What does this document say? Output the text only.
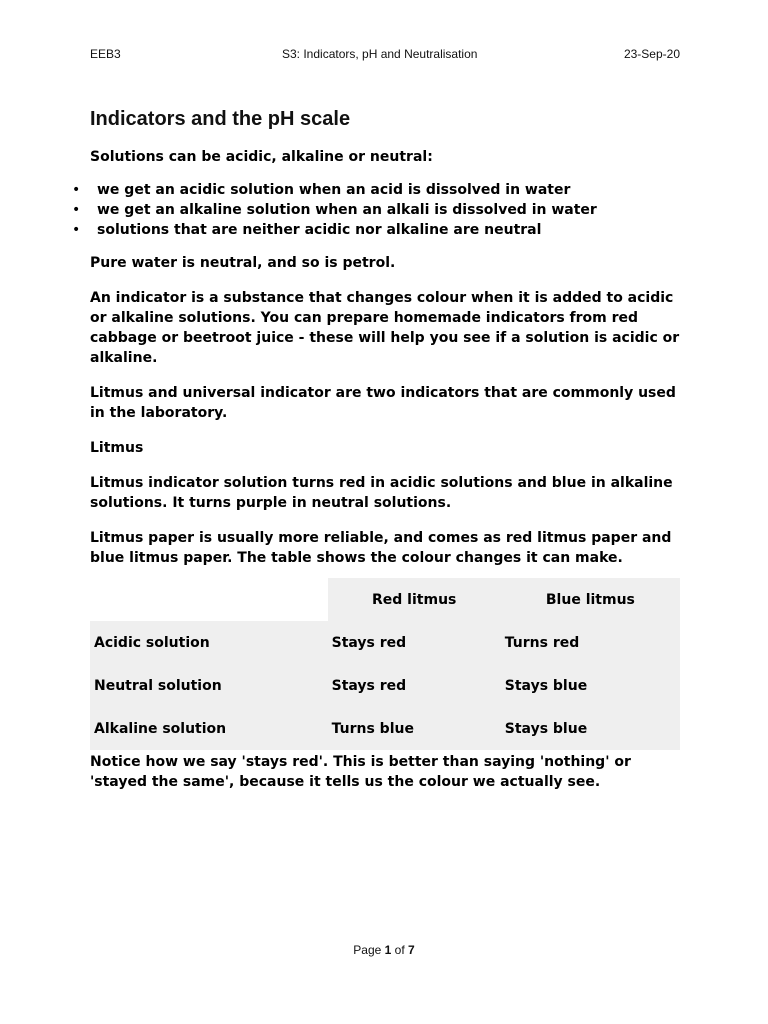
EEB3	S3: Indicators, pH and Neutralisation	23-Sep-20
Indicators and the pH scale

Solutions can be acidic, alkaline or neutral:

• we get an acidic solution when an acid is dissolved in water
• we get an alkaline solution when an alkali is dissolved in water
• solutions that are neither acidic nor alkaline are neutral

Pure water is neutral, and so is petrol.

An indicator is a substance that changes colour when it is added to acidic or alkaline solutions. You can prepare homemade indicators from red cabbage or beetroot juice - these will help you see if a solution is acidic or alkaline.

Litmus and universal indicator are two indicators that are commonly used in the laboratory.

Litmus

Litmus indicator solution turns red in acidic solutions and blue in alkaline solutions. It turns purple in neutral solutions.

Litmus paper is usually more reliable, and comes as red litmus paper and blue litmus paper. The table shows the colour changes it can make.

	Red litmus	Blue litmus
Acidic solution	Stays red	Turns red
Neutral solution	Stays red	Stays blue
Alkaline solution	Turns blue	Stays blue

Notice how we say 'stays red'. This is better than saying 'nothing' or 'stayed the same', because it tells us the colour we actually see.

Page 1 of 7
